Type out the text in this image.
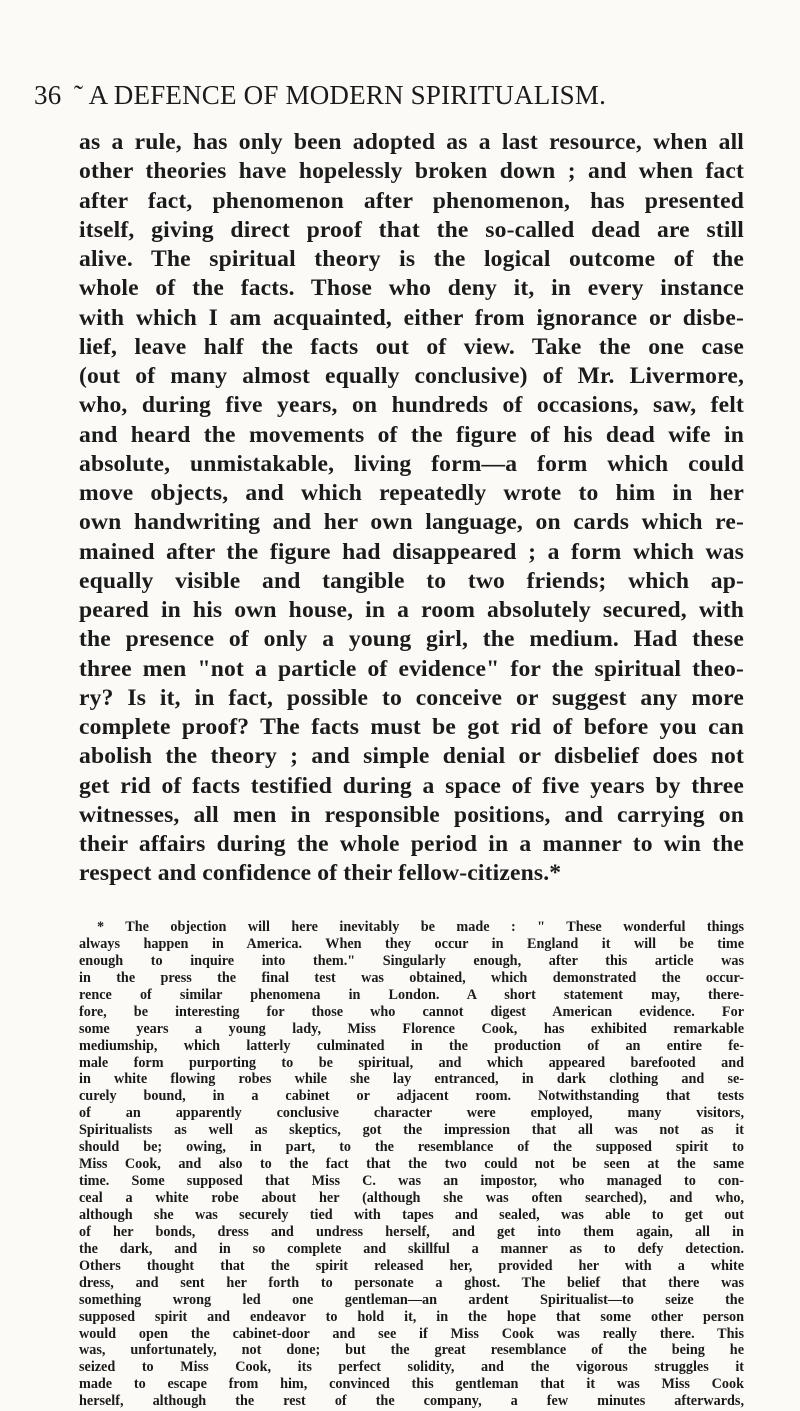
36 ˜ A DEFENCE OF MODERN SPIRITUALISM.
as a rule, has only been adopted as a last resource, when all
other theories have hopelessly broken down ; and when fact
after fact, phenomenon after phenomenon, has presented
itself, giving direct proof that the so-called dead are still
alive. The spiritual theory is the logical outcome of the
whole of the facts. Those who deny it, in every instance
with which I am acquainted, either from ignorance or disbe-
lief, leave half the facts out of view. Take the one case
(out of many almost equally conclusive) of Mr. Livermore,
who, during five years, on hundreds of occasions, saw, felt
and heard the movements of the figure of his dead wife in
absolute, unmistakable, living form—a form which could
move objects, and which repeatedly wrote to him in her
own handwriting and her own language, on cards which re-
mained after the figure had disappeared ; a form which was
equally visible and tangible to two friends; which ap-
peared in his own house, in a room absolutely secured, with
the presence of only a young girl, the medium. Had these
three men "not a particle of evidence" for the spiritual theo-
ry? Is it, in fact, possible to conceive or suggest any more
complete proof? The facts must be got rid of before you can
abolish the theory ; and simple denial or disbelief does not
get rid of facts testified during a space of five years by three
witnesses, all men in responsible positions, and carrying on
their affairs during the whole period in a manner to win the
respect and confidence of their fellow-citizens.*
* The objection will here inevitably be made : " These wonderful things
always happen in America. When they occur in England it will be time
enough to inquire into them." Singularly enough, after this article was
in the press the final test was obtained, which demonstrated the occur-
rence of similar phenomena in London. A short statement may, there-
fore, be interesting for those who cannot digest American evidence. For
some years a young lady, Miss Florence Cook, has exhibited remarkable
mediumship, which latterly culminated in the production of an entire fe-
male form purporting to be spiritual, and which appeared barefooted and
in white flowing robes while she lay entranced, in dark clothing and se-
curely bound, in a cabinet or adjacent room. Notwithstanding that tests
of an apparently conclusive character were employed, many visitors,
Spiritualists as well as skeptics, got the impression that all was not as it
should be; owing, in part, to the resemblance of the supposed spirit to
Miss Cook, and also to the fact that the two could not be seen at the same
time. Some supposed that Miss C. was an impostor, who managed to con-
ceal a white robe about her (although she was often searched), and who,
although she was securely tied with tapes and sealed, was able to get out
of her bonds, dress and undress herself, and get into them again, all in
the dark, and in so complete and skillful a manner as to defy detection.
Others thought that the spirit released her, provided her with a white
dress, and sent her forth to personate a ghost. The belief that there was
something wrong led one gentleman—an ardent Spiritualist—to seize the
supposed spirit and endeavor to hold it, in the hope that some other person
would open the cabinet-door and see if Miss Cook was really there. This
was, unfortunately, not done; but the great resemblance of the being he
seized to Miss Cook, its perfect solidity, and the vigorous struggles it
made to escape from him, convinced this gentleman that it was Miss Cook
herself, although the rest of the company, a few minutes afterwards,
